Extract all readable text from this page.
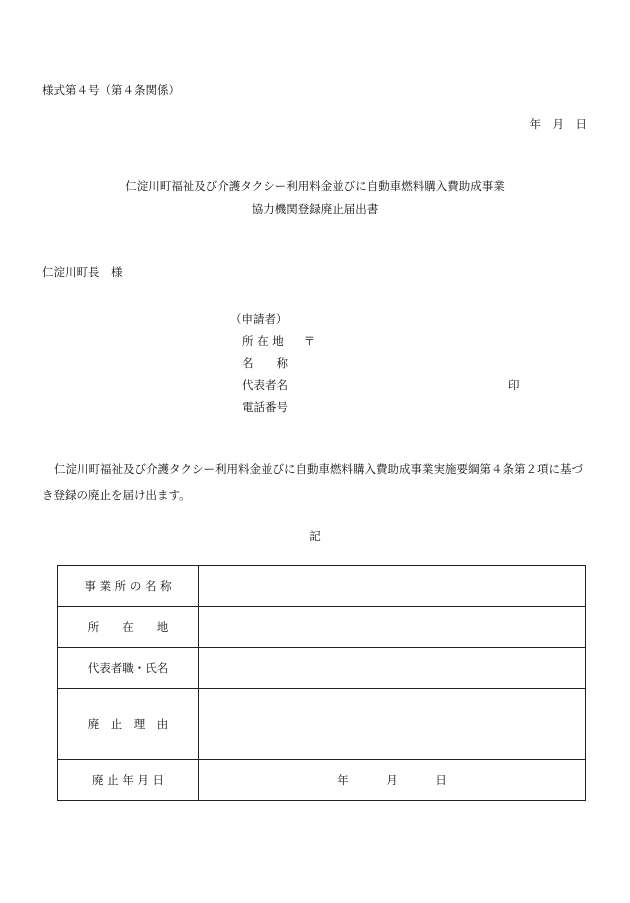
様式第４号（第４条関係）
年　月　日
仁淀川町福祉及び介護タクシー利用料金並びに自動車燃料購入費助成事業
協力機関登録廃止届出書
仁淀川町長　様
（申請者）
所 在 地 〒
名　　称
代表者名	印
電話番号
仁淀川町福祉及び介護タクシー利用料金並びに自動車燃料購入費助成事業実施要綱第４条第２項に基づき登録の廃止を届け出ます。
記
事 業 所 の 名 称	
所　　在　　地	
代表者職・氏名	
廃　止　理　由	
廃 止 年 月 日	年 月 日
